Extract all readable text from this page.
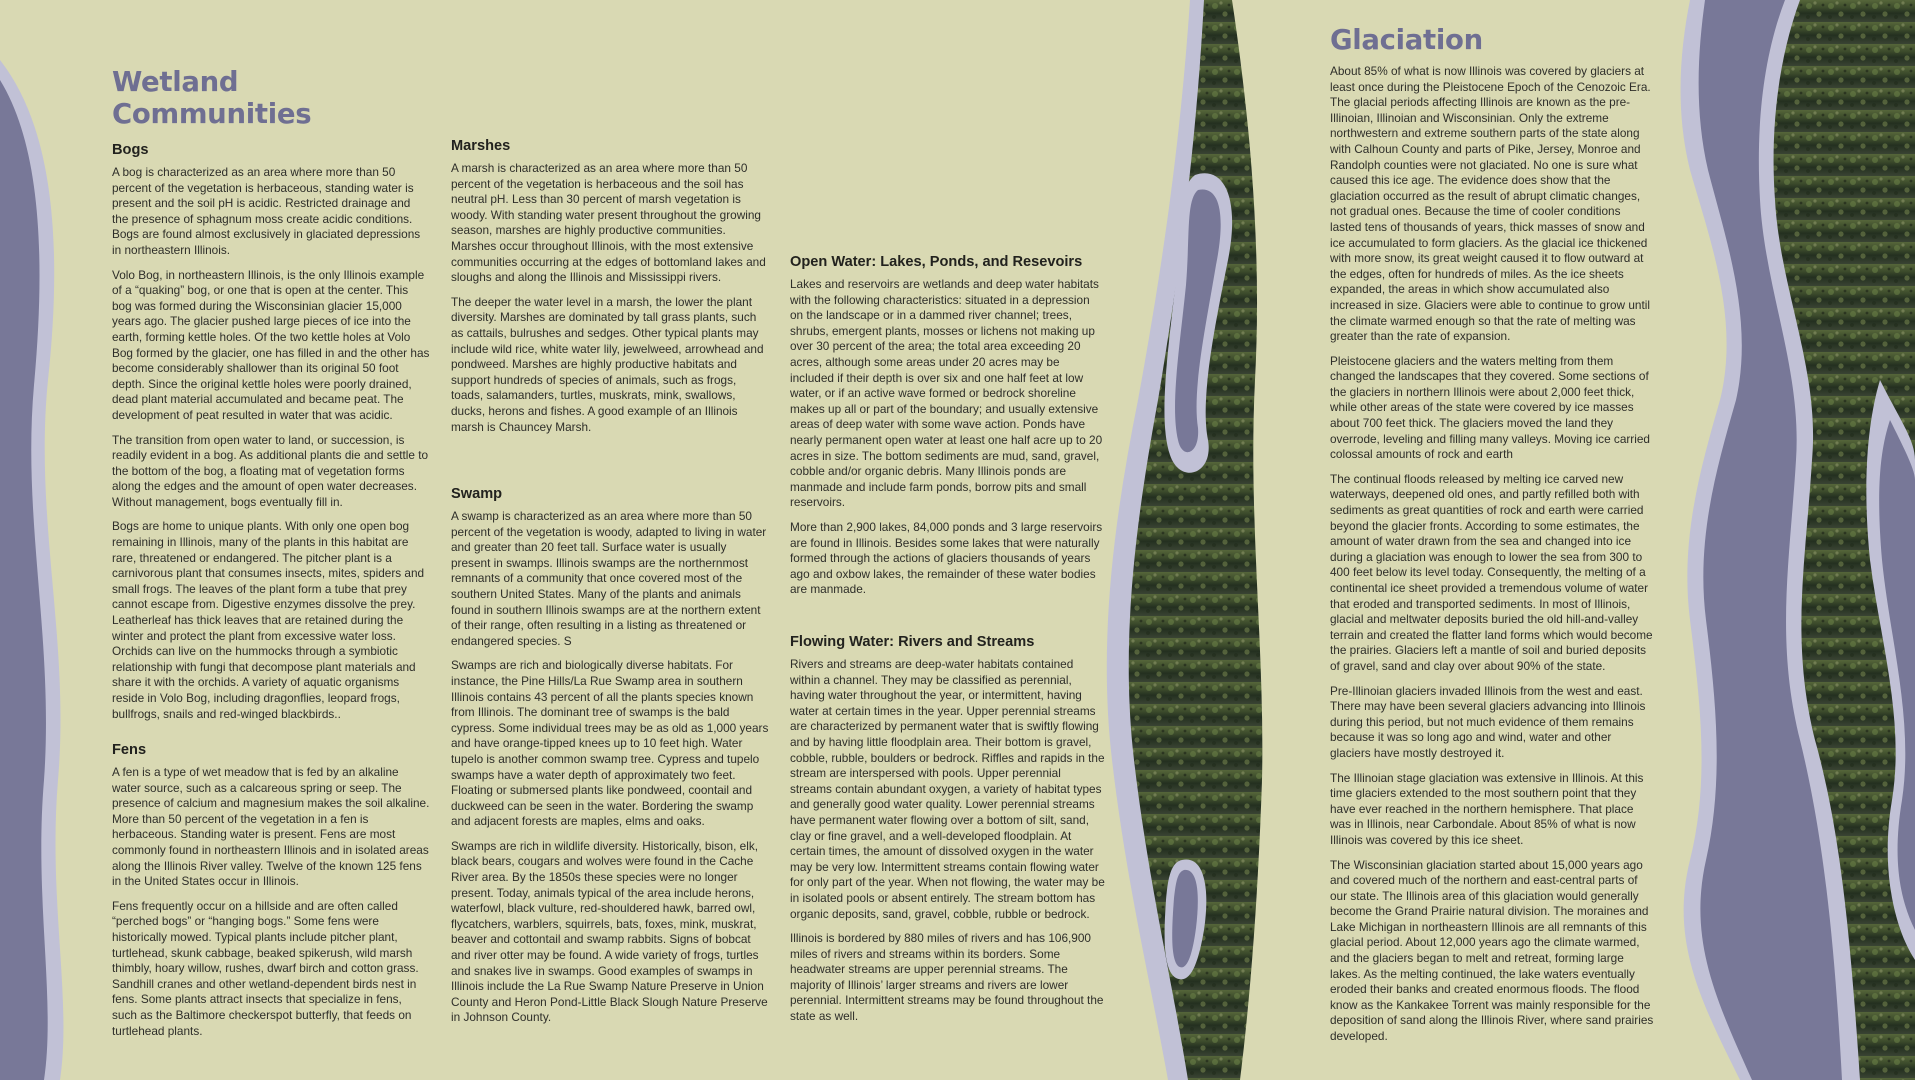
Wetland Communities
Bogs

A bog is characterized as an area where more than 50 percent of the vegetation is herbaceous, standing water is present and the soil pH is acidic. Restricted drainage and the presence of sphagnum moss create acidic conditions. Bogs are found almost exclusively in glaciated depressions in northeastern Illinois.

Volo Bog, in northeastern Illinois, is the only Illinois example of a “quaking” bog, or one that is open at the center. This bog was formed during the Wisconsinian glacier 15,000 years ago. The glacier pushed large pieces of ice into the earth, forming kettle holes. Of the two kettle holes at Volo Bog formed by the glacier, one has filled in and the other has become considerably shallower than its original 50 foot depth. Since the original kettle holes were poorly drained, dead plant material accumulated and became peat. The development of peat resulted in water that was acidic.

The transition from open water to land, or succession, is readily evident in a bog. As additional plants die and settle to the bottom of the bog, a floating mat of vegetation forms along the edges and the amount of open water decreases. Without management, bogs eventually fill in.

Bogs are home to unique plants. With only one open bog remaining in Illinois, many of the plants in this habitat are rare, threatened or endangered. The pitcher plant is a carnivorous plant that consumes insects, mites, spiders and small frogs. The leaves of the plant form a tube that prey cannot escape from. Digestive enzymes dissolve the prey. Leatherleaf has thick leaves that are retained during the winter and protect the plant from excessive water loss. Orchids can live on the hummocks through a symbiotic relationship with fungi that decompose plant materials and share it with the orchids. A variety of aquatic organisms reside in Volo Bog, including dragonflies, leopard frogs, bullfrogs, snails and red-winged blackbirds..

Fens

A fen is a type of wet meadow that is fed by an alkaline water source, such as a calcareous spring or seep. The presence of calcium and magnesium makes the soil alkaline. More than 50 percent of the vegetation in a fen is herbaceous. Standing water is present. Fens are most commonly found in northeastern Illinois and in isolated areas along the Illinois River valley. Twelve of the known 125 fens in the United States occur in Illinois.

Fens frequently occur on a hillside and are often called “perched bogs” or “hanging bogs.” Some fens were historically mowed. Typical plants include pitcher plant, turtlehead, skunk cabbage, beaked spikerush, wild marsh thimbly, hoary willow, rushes, dwarf birch and cotton grass. Sandhill cranes and other wetland-dependent birds nest in fens. Some plants attract insects that specialize in fens, such as the Baltimore checkerspot butterfly, that feeds on turtlehead plants.

Marshes

A marsh is characterized as an area where more than 50 percent of the vegetation is herbaceous and the soil has neutral pH. Less than 30 percent of marsh vegetation is woody. With standing water present throughout the growing season, marshes are highly productive communities. Marshes occur throughout Illinois, with the most extensive communities occurring at the edges of bottomland lakes and sloughs and along the Illinois and Mississippi rivers.

The deeper the water level in a marsh, the lower the plant diversity. Marshes are dominated by tall grass plants, such as cattails, bulrushes and sedges. Other typical plants may include wild rice, white water lily, jewelweed, arrowhead and pondweed. Marshes are highly productive habitats and support hundreds of species of animals, such as frogs, toads, salamanders, turtles, muskrats, mink, swallows, ducks, herons and fishes. A good example of an Illinois marsh is Chauncey Marsh.

Swamp

A swamp is characterized as an area where more than 50 percent of the vegetation is woody, adapted to living in water and greater than 20 feet tall. Surface water is usually present in swamps. Illinois swamps are the northernmost remnants of a community that once covered most of the southern United States. Many of the plants and animals found in southern Illinois swamps are at the northern extent of their range, often resulting in a listing as threatened or endangered species. S

Swamps are rich and biologically diverse habitats. For instance, the Pine Hills/La Rue Swamp area in southern Illinois contains 43 percent of all the plants species known from Illinois. The dominant tree of swamps is the bald cypress. Some individual trees may be as old as 1,000 years and have orange-tipped knees up to 10 feet high. Water tupelo is another common swamp tree. Cypress and tupelo swamps have a water depth of approximately two feet. Floating or submersed plants like pondweed, coontail and duckweed can be seen in the water. Bordering the swamp and adjacent forests are maples, elms and oaks.

Swamps are rich in wildlife diversity. Historically, bison, elk, black bears, cougars and wolves were found in the Cache River area. By the 1850s these species were no longer present. Today, animals typical of the area include herons, waterfowl, black vulture, red-shouldered hawk, barred owl, flycatchers, warblers, squirrels, bats, foxes, mink, muskrat, beaver and cottontail and swamp rabbits. Signs of bobcat and river otter may be found. A wide variety of frogs, turtles and snakes live in swamps. Good examples of swamps in Illinois include the La Rue Swamp Nature Preserve in Union County and Heron Pond-Little Black Slough Nature Preserve in Johnson County.

Open Water: Lakes, Ponds, and Resevoirs

Lakes and reservoirs are wetlands and deep water habitats with the following characteristics: situated in a depression on the landscape or in a dammed river channel; trees, shrubs, emergent plants, mosses or lichens not making up over 30 percent of the area; the total area exceeding 20 acres, although some areas under 20 acres may be included if their depth is over six and one half feet at low water, or if an active wave formed or bedrock shoreline makes up all or part of the boundary; and usually extensive areas of deep water with some wave action. Ponds have nearly permanent open water at least one half acre up to 20 acres in size. The bottom sediments are mud, sand, gravel, cobble and/or organic debris. Many Illinois ponds are manmade and include farm ponds, borrow pits and small reservoirs.

More than 2,900 lakes, 84,000 ponds and 3 large reservoirs are found in Illinois. Besides some lakes that were naturally formed through the actions of glaciers thousands of years ago and oxbow lakes, the remainder of these water bodies are manmade.

Flowing Water: Rivers and Streams

Rivers and streams are deep-water habitats contained within a channel. They may be classified as perennial, having water throughout the year, or intermittent, having water at certain times in the year. Upper perennial streams are characterized by permanent water that is swiftly flowing and by having little floodplain area. Their bottom is gravel, cobble, rubble, boulders or bedrock. Riffles and rapids in the stream are interspersed with pools. Upper perennial streams contain abundant oxygen, a variety of habitat types and generally good water quality. Lower perennial streams have permanent water flowing over a bottom of silt, sand, clay or fine gravel, and a well-developed floodplain. At certain times, the amount of dissolved oxygen in the water may be very low. Intermittent streams contain flowing water for only part of the year. When not flowing, the water may be in isolated pools or absent entirely. The stream bottom has organic deposits, sand, gravel, cobble, rubble or bedrock.

Illinois is bordered by 880 miles of rivers and has 106,900 miles of rivers and streams within its borders. Some headwater streams are upper perennial streams. The majority of Illinois’ larger streams and rivers are lower perennial. Intermittent streams may be found throughout the state as well.

Glaciation

About 85% of what is now Illinois was covered by glaciers at least once during the Pleistocene Epoch of the Cenozoic Era. The glacial periods affecting Illinois are known as the pre-Illinoian, Illinoian and Wisconsinian. Only the extreme northwestern and extreme southern parts of the state along with Calhoun County and parts of Pike, Jersey, Monroe and Randolph counties were not glaciated. No one is sure what caused this ice age. The evidence does show that the glaciation occurred as the result of abrupt climatic changes, not gradual ones. Because the time of cooler conditions lasted tens of thousands of years, thick masses of snow and ice accumulated to form glaciers. As the glacial ice thickened with more snow, its great weight caused it to flow outward at the edges, often for hundreds of miles. As the ice sheets expanded, the areas in which show accumulated also increased in size. Glaciers were able to continue to grow until the climate warmed enough so that the rate of melting was greater than the rate of expansion.

Pleistocene glaciers and the waters melting from them changed the landscapes that they covered. Some sections of the glaciers in northern Illinois were about 2,000 feet thick, while other areas of the state were covered by ice masses about 700 feet thick. The glaciers moved the land they overrode, leveling and filling many valleys. Moving ice carried colossal amounts of rock and earth

The continual floods released by melting ice carved new waterways, deepened old ones, and partly refilled both with sediments as great quantities of rock and earth were carried beyond the glacier fronts. According to some estimates, the amount of water drawn from the sea and changed into ice during a glaciation was enough to lower the sea from 300 to 400 feet below its level today. Consequently, the melting of a continental ice sheet provided a tremendous volume of water that eroded and transported sediments. In most of Illinois, glacial and meltwater deposits buried the old hill-and-valley terrain and created the flatter land forms which would become the prairies. Glaciers left a mantle of soil and buried deposits of gravel, sand and clay over about 90% of the state.

Pre-Illinoian glaciers invaded Illinois from the west and east. There may have been several glaciers advancing into Illinois during this period, but not much evidence of them remains because it was so long ago and wind, water and other glaciers have mostly destroyed it.

The Illinoian stage glaciation was extensive in Illinois. At this time glaciers extended to the most southern point that they have ever reached in the northern hemisphere. That place was in Illinois, near Carbondale. About 85% of what is now Illinois was covered by this ice sheet.

The Wisconsinian glaciation started about 15,000 years ago and covered much of the northern and east-central parts of our state. The Illinois area of this glaciation would generally become the Grand Prairie natural division. The moraines and Lake Michigan in northeastern Illinois are all remnants of this glacial period. About 12,000 years ago the climate warmed, and the glaciers began to melt and retreat, forming large lakes. As the melting continued, the lake waters eventually eroded their banks and created enormous floods. The flood know as the Kankakee Torrent was mainly responsible for the deposition of sand along the Illinois River, where sand prairies developed.
